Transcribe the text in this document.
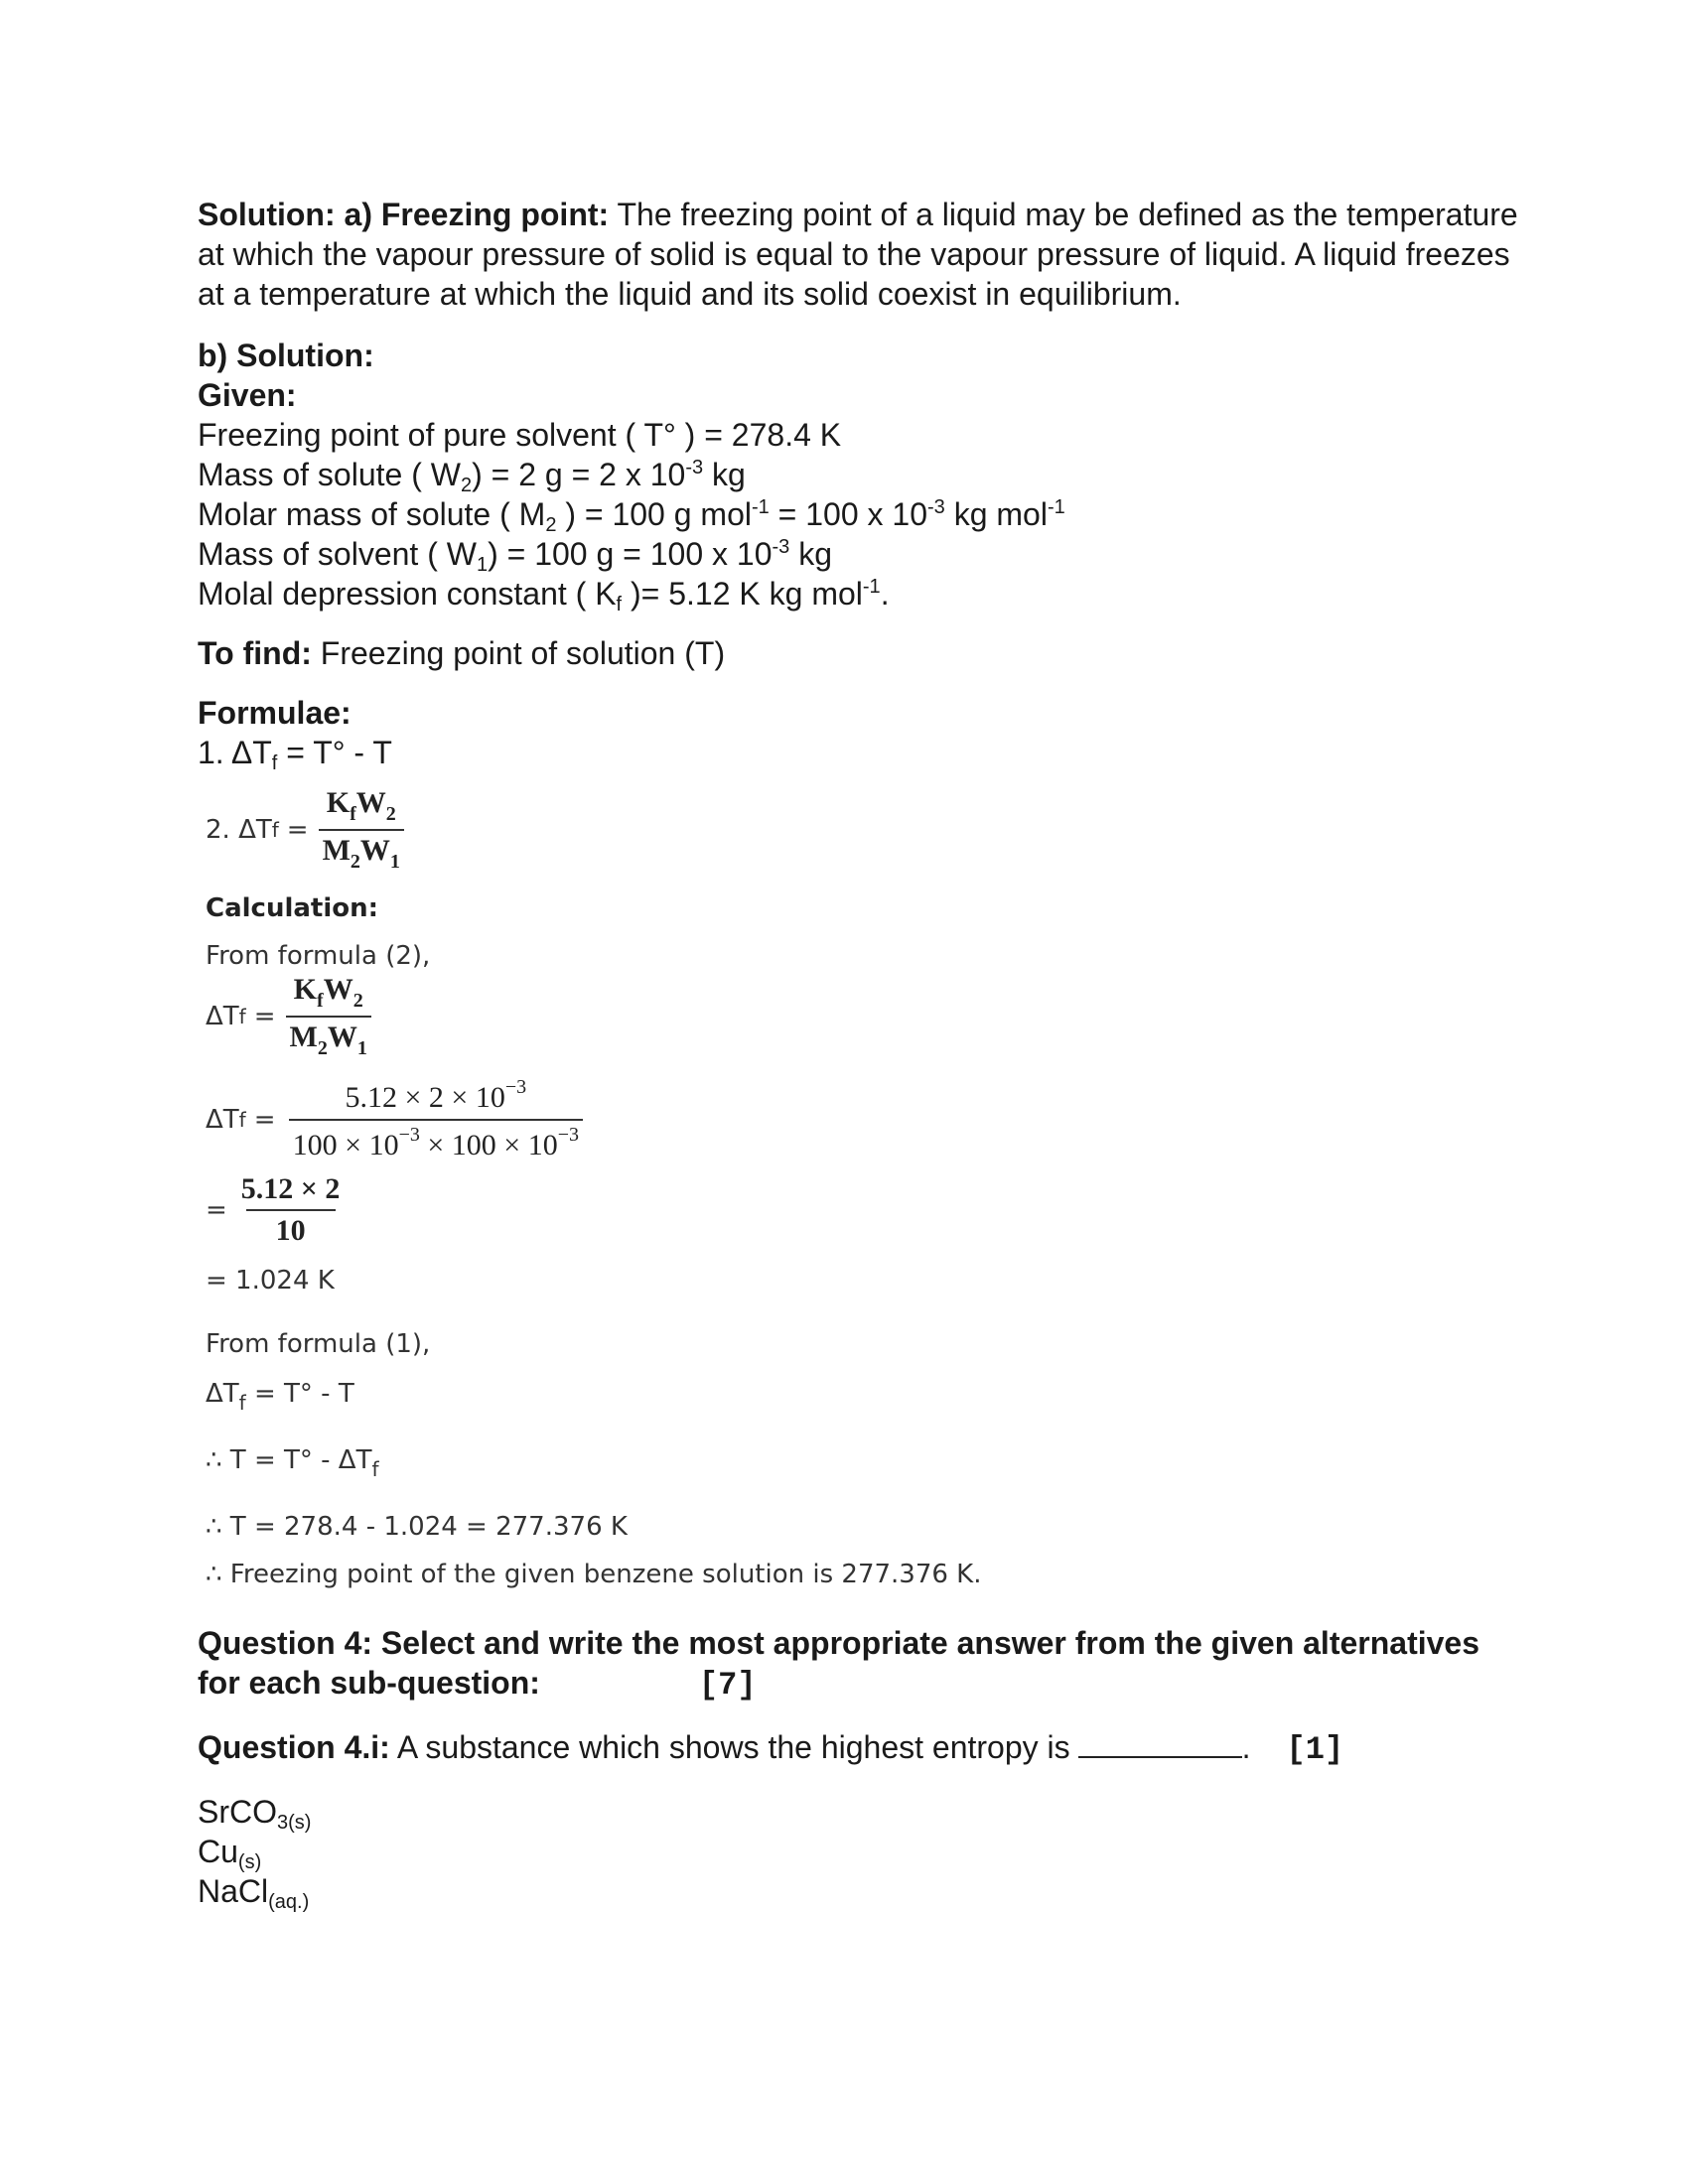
Solution: a) Freezing point: The freezing point of a liquid may be defined as the temperature at which the vapour pressure of solid is equal to the vapour pressure of liquid. A liquid freezes at a temperature at which the liquid and its solid coexist in equilibrium.

b) Solution:

Given:

Freezing point of pure solvent ( T° ) = 278.4 K

Mass of solute ( $W_2) = 2$ g = 2 x $10^{-3}$ kg

Molar mass of solute ( $M_2$ ) = 100 g mol$^{-1}$ = 100 x $10^{-3}$ kg mol$^{-1}$

Mass of solvent ( $W_1) = 100$ g = 100 x $10^{-3}$ kg

Molal depression constant ( $K_f$ )= 5.12 K kg mol$^{-1}$.

To find: Freezing point of solution (T)

Formulae:

1. $\Delta T_f = T^\circ - T$

2. ΔT $f = \frac{K_fW_2}{M_2W_1}$
Calculation:
From formula (2),
ΔT $f = \frac{K_fW_2}{M_2W_1}$
ΔT $f = \frac{5.12 \times 2 \times 10^{-3}}{100 \times 10^{-3} \times 100 \times 10^{-3}}$
= $\frac{5.12 \times 2}{10}$
= 1.024 K
From formula (1),
$\Delta T_f = T^\circ - T$
∴ $T = T^\circ - \Delta T_f$
∴ T = 278.4 - 1.024 = 277.376 K
∴ Freezing point of the given benzene solution is 277.376 K.

Question 4: Select and write the most appropriate answer from the given alternatives for each sub-question:	[7]

Question 4.i: A substance which shows the highest entropy is	. [1]

SrCO$_{3(s)}$

$Cu_{(s)}$

NaCl$_{(aq.)}$
